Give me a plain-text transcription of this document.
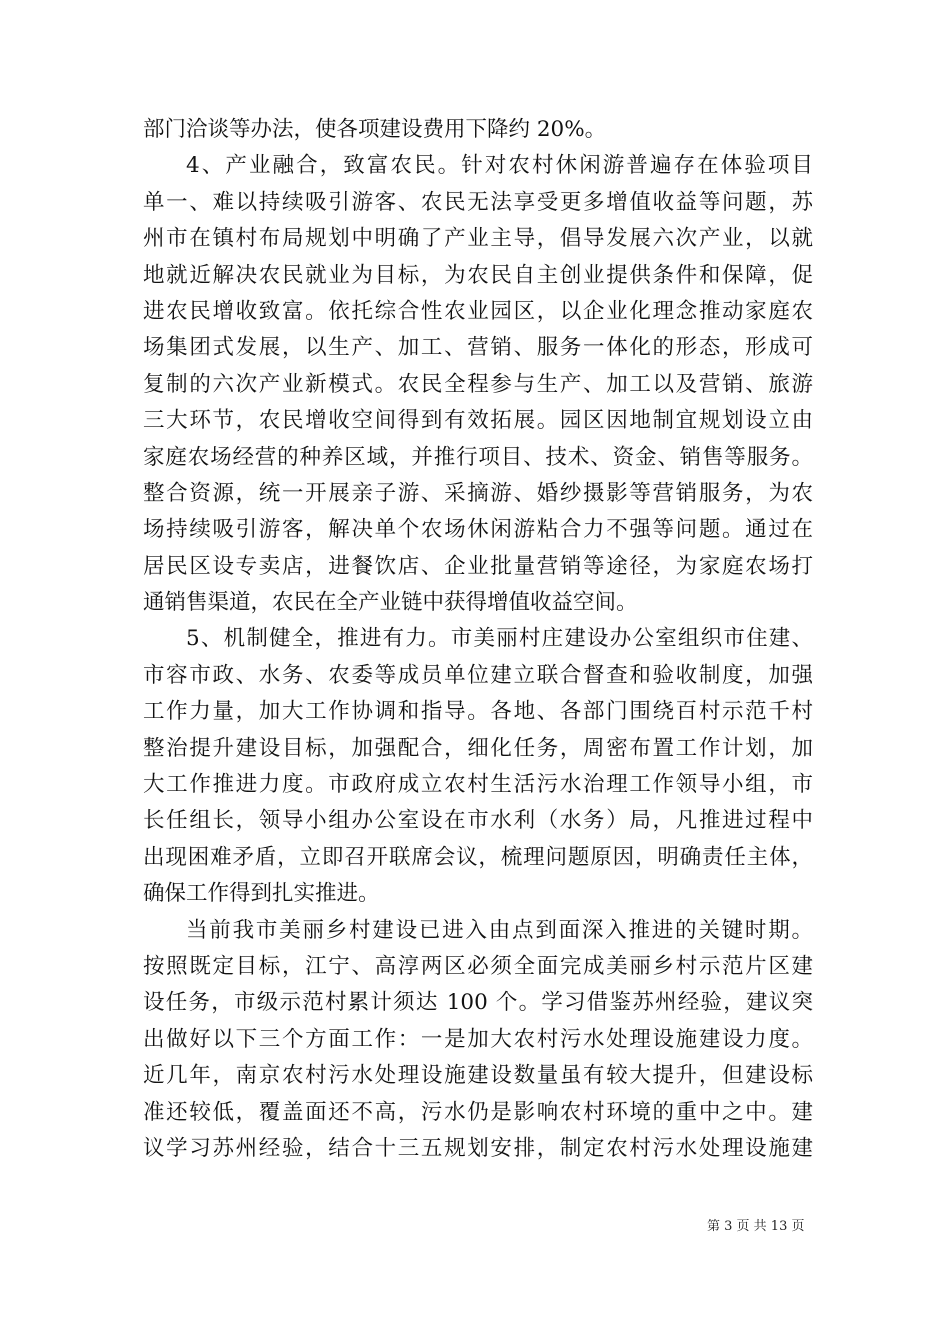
部门洽谈等办法，使各项建设费用下降约 20%。
4、产业融合，致富农民。针对农村休闲游普遍存在体验项目
单一、难以持续吸引游客、农民无法享受更多增值收益等问题，苏
州市在镇村布局规划中明确了产业主导，倡导发展六次产业，以就
地就近解决农民就业为目标，为农民自主创业提供条件和保障，促
进农民增收致富。依托综合性农业园区，以企业化理念推动家庭农
场集团式发展，以生产、加工、营销、服务一体化的形态，形成可
复制的六次产业新模式。农民全程参与生产、加工以及营销、旅游
三大环节，农民增收空间得到有效拓展。园区因地制宜规划设立由
家庭农场经营的种养区域，并推行项目、技术、资金、销售等服务。
整合资源，统一开展亲子游、采摘游、婚纱摄影等营销服务，为农
场持续吸引游客，解决单个农场休闲游粘合力不强等问题。通过在
居民区设专卖店，进餐饮店、企业批量营销等途径，为家庭农场打
通销售渠道，农民在全产业链中获得增值收益空间。
5、机制健全，推进有力。市美丽村庄建设办公室组织市住建、
市容市政、水务、农委等成员单位建立联合督查和验收制度，加强
工作力量，加大工作协调和指导。各地、各部门围绕百村示范千村
整治提升建设目标，加强配合，细化任务，周密布置工作计划，加
大工作推进力度。市政府成立农村生活污水治理工作领导小组，市
长任组长，领导小组办公室设在市水利（水务）局，凡推进过程中
出现困难矛盾，立即召开联席会议，梳理问题原因，明确责任主体，
确保工作得到扎实推进。
当前我市美丽乡村建设已进入由点到面深入推进的关键时期。
按照既定目标，江宁、高淳两区必须全面完成美丽乡村示范片区建
设任务，市级示范村累计须达 100 个。学习借鉴苏州经验，建议突
出做好以下三个方面工作：一是加大农村污水处理设施建设力度。
近几年，南京农村污水处理设施建设数量虽有较大提升，但建设标
准还较低，覆盖面还不高，污水仍是影响农村环境的重中之中。建
议学习苏州经验，结合十三五规划安排，制定农村污水处理设施建
第 3 页 共 13 页
